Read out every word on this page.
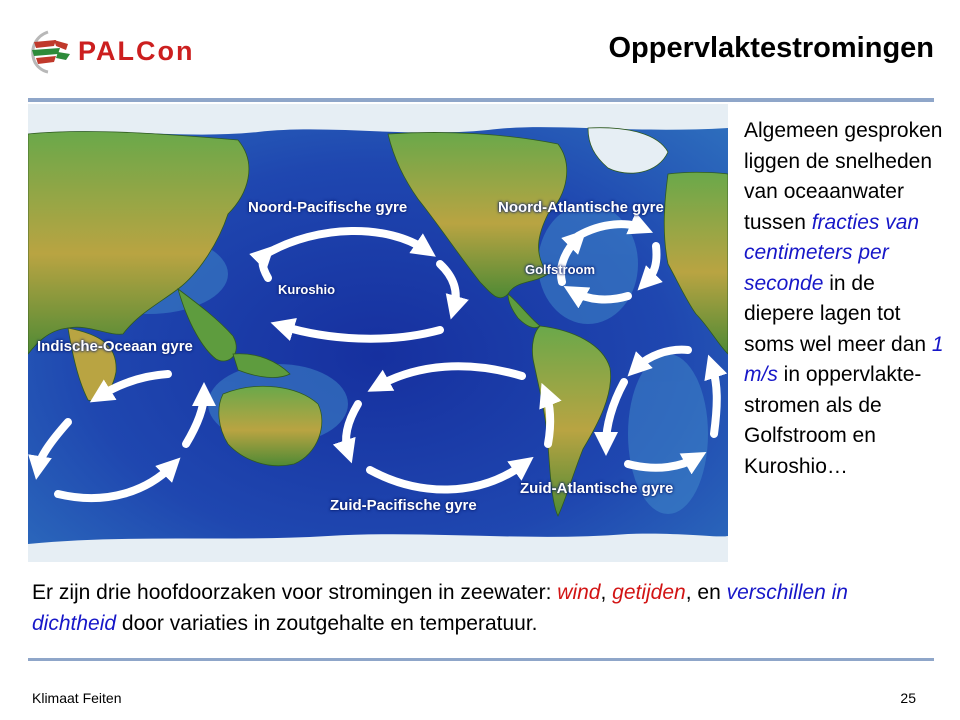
PALCon	Oppervlaktestromingen
Noord-Pacifische gyre	Noord-Atlantische gyre
Kuroshio
Golfstroom
Indische-Oceaan gyre
Zuid-Pacifische gyre
Zuid-Atlantische gyre
Algemeen gesproken liggen de snelheden van oceaanwater tussen fracties van centimeters per seconde in de diepere lagen tot soms wel meer dan 1 m/s in oppervlakte-stromen als de Golfstroom en Kuroshio…
Er zijn drie hoofdoorzaken voor stromingen in zeewater: wind, getijden, en verschillen in dichtheid door variaties in zoutgehalte en temperatuur.
Klimaat Feiten	25
